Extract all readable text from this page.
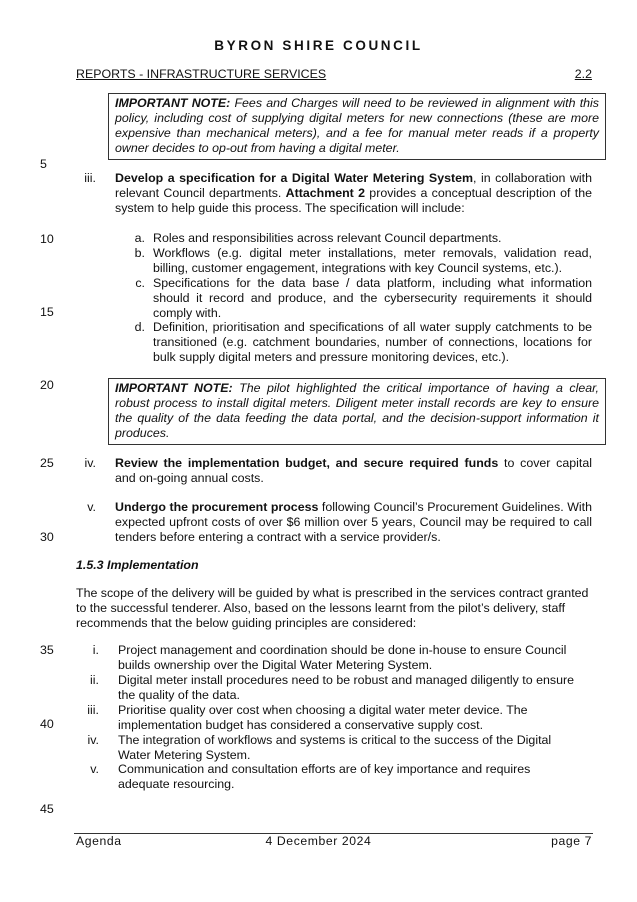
BYRON SHIRE COUNCIL
REPORTS - INFRASTRUCTURE SERVICES	2.2
5
10
15
20
25
30
35
40
45
IMPORTANT NOTE: Fees and Charges will need to be reviewed in alignment with this policy, including cost of supplying digital meters for new connections (these are more expensive than mechanical meters), and a fee for manual meter reads if a property owner decides to op-out from having a digital meter.
iii. Develop a specification for a Digital Water Metering System, in collaboration with relevant Council departments. Attachment 2 provides a conceptual description of the system to help guide this process. The specification will include:
a. Roles and responsibilities across relevant Council departments.
b. Workflows (e.g. digital meter installations, meter removals, validation read, billing, customer engagement, integrations with key Council systems, etc.).
c. Specifications for the data base / data platform, including what information should it record and produce, and the cybersecurity requirements it should comply with.
d. Definition, prioritisation and specifications of all water supply catchments to be transitioned (e.g. catchment boundaries, number of connections, locations for bulk supply digital meters and pressure monitoring devices, etc.).
IMPORTANT NOTE: The pilot highlighted the critical importance of having a clear, robust process to install digital meters. Diligent meter install records are key to ensure the quality of the data feeding the data portal, and the decision-support information it produces.
iv. Review the implementation budget, and secure required funds to cover capital and on-going annual costs.
v. Undergo the procurement process following Council’s Procurement Guidelines. With expected upfront costs of over $6 million over 5 years, Council may be required to call tenders before entering a contract with a service provider/s.
1.5.3 Implementation
The scope of the delivery will be guided by what is prescribed in the services contract granted to the successful tenderer. Also, based on the lessons learnt from the pilot’s delivery, staff recommends that the below guiding principles are considered:
i. Project management and coordination should be done in-house to ensure Council
builds ownership over the Digital Water Metering System.
ii. Digital meter install procedures need to be robust and managed diligently to ensure
the quality of the data.
iii. Prioritise quality over cost when choosing a digital water meter device. The
implementation budget has considered a conservative supply cost.
iv. The integration of workflows and systems is critical to the success of the Digital
Water Metering System.
v. Communication and consultation efforts are of key importance and requires
adequate resourcing.
Agenda	4 December 2024	page 7
